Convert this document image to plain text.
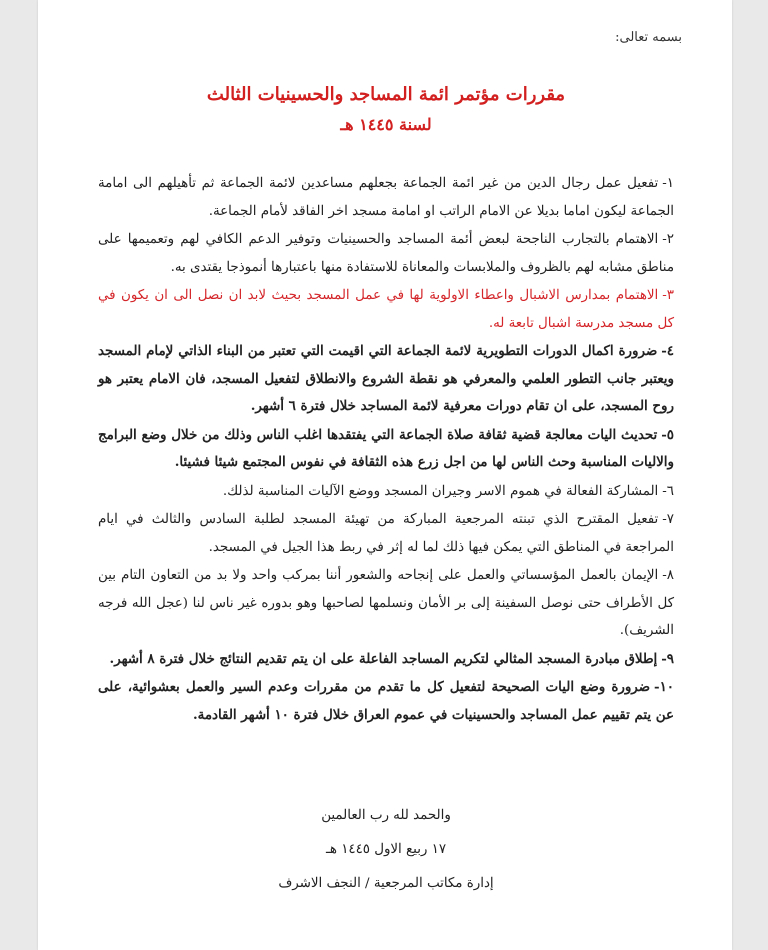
بسمه تعالى:
مقررات مؤتمر ائمة المساجد والحسينيات الثالث
لسنة ١٤٤٥ هـ
١-تفعيل عمل رجال الدين من غير ائمة الجماعة بجعلهم مساعدين لائمة الجماعة ثم تأهيلهم الى امامة الجماعة ليكون اماما بديلا عن الامام الراتب او امامة مسجد اخر الفاقد لأمام الجماعة.
٢-الاهتمام بالتجارب الناجحة لبعض أئمة المساجد والحسينيات وتوفير الدعم الكافي لهم وتعميمها على مناطق مشابه لهم بالظروف والملابسات والمعاناة للاستفادة منها باعتبارها أنموذجا يقتدى به.
٣-الاهتمام بمدارس الاشبال واعطاء الاولوية لها في عمل المسجد بحيث لابد ان نصل الى ان يكون في كل مسجد مدرسة اشبال تابعة له.
٤-ضرورة اكمال الدورات التطويرية لائمة الجماعة التي اقيمت التي تعتبر من البناء الذاتي لإمام المسجد ويعتبر جانب التطور العلمي والمعرفي هو نقطة الشروع والانطلاق لتفعيل المسجد، فان الامام يعتبر هو روح المسجد، على ان تقام دورات معرفية لائمة المساجد خلال فترة ٦ أشهر.
٥-تحديث اليات معالجة قضية ثقافة صلاة الجماعة التي يفتقدها اغلب الناس وذلك من خلال وضع البرامج والاليات المناسبة وحث الناس لها من اجل زرع هذه الثقافة في نفوس المجتمع شيئا فشيئا.
٦-المشاركة الفعالة في هموم الاسر وجيران المسجد ووضع الآليات المناسبة لذلك.
٧-تفعيل المقترح الذي تبنته المرجعية المباركة من تهيئة المسجد لطلبة السادس والثالث في ايام المراجعة في المناطق التي يمكن فيها ذلك لما له إثر في ربط هذا الجيل في المسجد.
٨-الإيمان بالعمل المؤسساتي والعمل على إنجاحه والشعور أننا بمركب واحد ولا بد من التعاون التام بين كل الأطراف حتى نوصل السفينة إلى بر الأمان ونسلمها لصاحبها وهو بدوره غير ناس لنا (عجل الله فرجه الشريف).
٩-إطلاق مبادرة المسجد المثالي لتكريم المساجد الفاعلة على ان يتم تقديم النتائج خلال فترة ٨ أشهر.
١٠-ضرورة وضع اليات الصحيحة لتفعيل كل ما تقدم من مقررات وعدم السير والعمل بعشوائية، على عن يتم تقييم عمل المساجد والحسينيات في عموم العراق خلال فترة ١٠ أشهر القادمة.
والحمد لله رب العالمين
١٧ ربيع الاول ١٤٤٥ هـ
إدارة مكاتب المرجعية / النجف الاشرف
